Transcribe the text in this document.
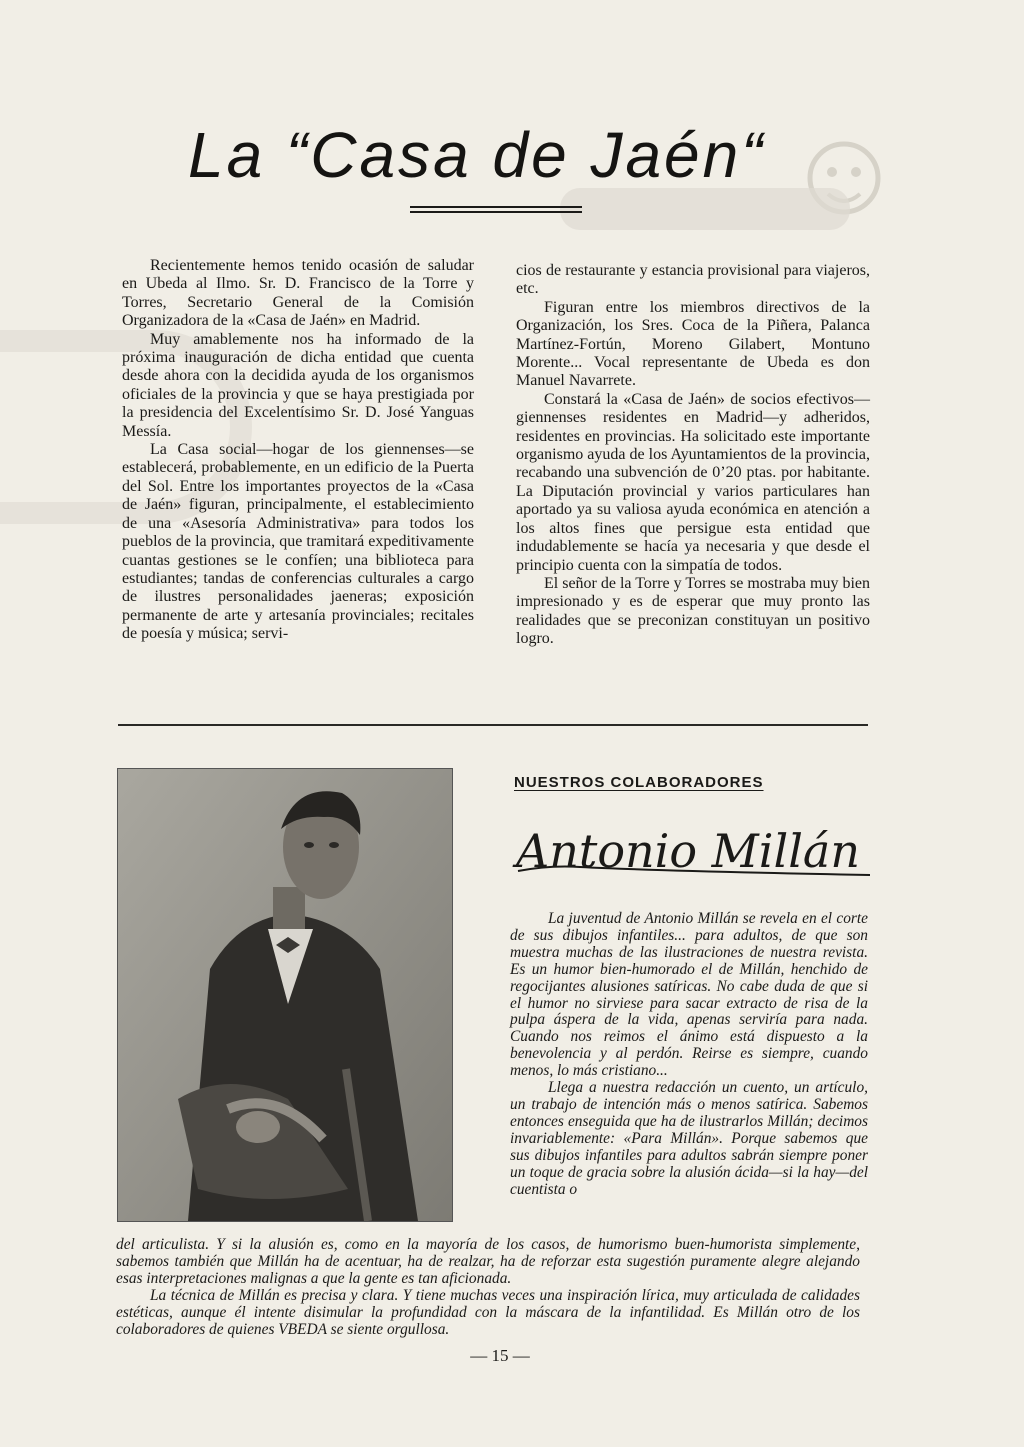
La “Casa de Jaén“

Recientemente hemos tenido ocasión de saludar en Ubeda al Ilmo. Sr. D. Francisco de la Torre y Torres, Secretario General de la Comisión Organizadora de la «Casa de Jaén» en Madrid.

Muy amablemente nos ha informado de la próxima inauguración de dicha entidad que cuenta desde ahora con la decidida ayuda de los organismos oficiales de la provincia y que se haya prestigiada por la presidencia del Excelentísimo Sr. D. José Yanguas Messía.

La Casa social—hogar de los giennenses—se establecerá, probablemente, en un edificio de la Puerta del Sol. Entre los importantes proyectos de la «Casa de Jaén» figuran, principalmente, el establecimiento de una «Asesoría Administrativa» para todos los pueblos de la provincia, que tramitará expeditivamente cuantas gestiones se le confíen; una biblioteca para estudiantes; tandas de conferencias culturales a cargo de ilustres personalidades jaeneras; exposición permanente de arte y artesanía provinciales; recitales de poesía y música; servi-

cios de restaurante y estancia provisional para viajeros, etc.

Figuran entre los miembros directivos de la Organización, los Sres. Coca de la Piñera, Palanca Martínez-Fortún, Moreno Gilabert, Montuno Morente... Vocal representante de Ubeda es don Manuel Navarrete.

Constará la «Casa de Jaén» de socios efectivos—giennenses residentes en Madrid—y adheridos, residentes en provincias. Ha solicitado este importante organismo ayuda de los Ayuntamientos de la provincia, recabando una subvención de 0’20 ptas. por habitante. La Diputación provincial y varios particulares han aportado ya su valiosa ayuda económica en atención a los altos fines que persigue esta entidad que indudablemente se hacía ya necesaria y que desde el principio cuenta con la simpatía de todos.

El señor de la Torre y Torres se mostraba muy bien impresionado y es de esperar que muy pronto las realidades que se preconizan constituyan un positivo logro.

NUESTROS COLABORADORES
Antonio Millán

La juventud de Antonio Millán se revela en el corte de sus dibujos infantiles... para adultos, de que son muestra muchas de las ilustraciones de nuestra revista. Es un humor bien-humorado el de Millán, henchido de regocijantes alusiones satíricas. No cabe duda de que si el humor no sirviese para sacar extracto de risa de la pulpa áspera de la vida, apenas serviría para nada. Cuando nos reimos el ánimo está dispuesto a la benevolencia y al perdón. Reirse es siempre, cuando menos, lo más cristiano...

Llega a nuestra redacción un cuento, un artículo, un trabajo de intención más o menos satírica. Sabemos entonces enseguida que ha de ilustrarlos Millán; decimos invariablemente: «Para Millán». Porque sabemos que sus dibujos infantiles para adultos sabrán siempre poner un toque de gracia sobre la alusión ácida—si la hay—del cuentista o

del articulista. Y si la alusión es, como en la mayoría de los casos, de humorismo buen-humorista simplemente, sabemos también que Millán ha de acentuar, ha de realzar, ha de reforzar esta sugestión puramente alegre alejando esas interpretaciones malignas a que la gente es tan aficionada.

La técnica de Millán es precisa y clara. Y tiene muchas veces una inspiración lírica, muy articulada de calidades estéticas, aunque él intente disimular la profundidad con la máscara de la infantilidad. Es Millán otro de los colaboradores de quienes VBEDA se siente orgullosa.

— 15 —
